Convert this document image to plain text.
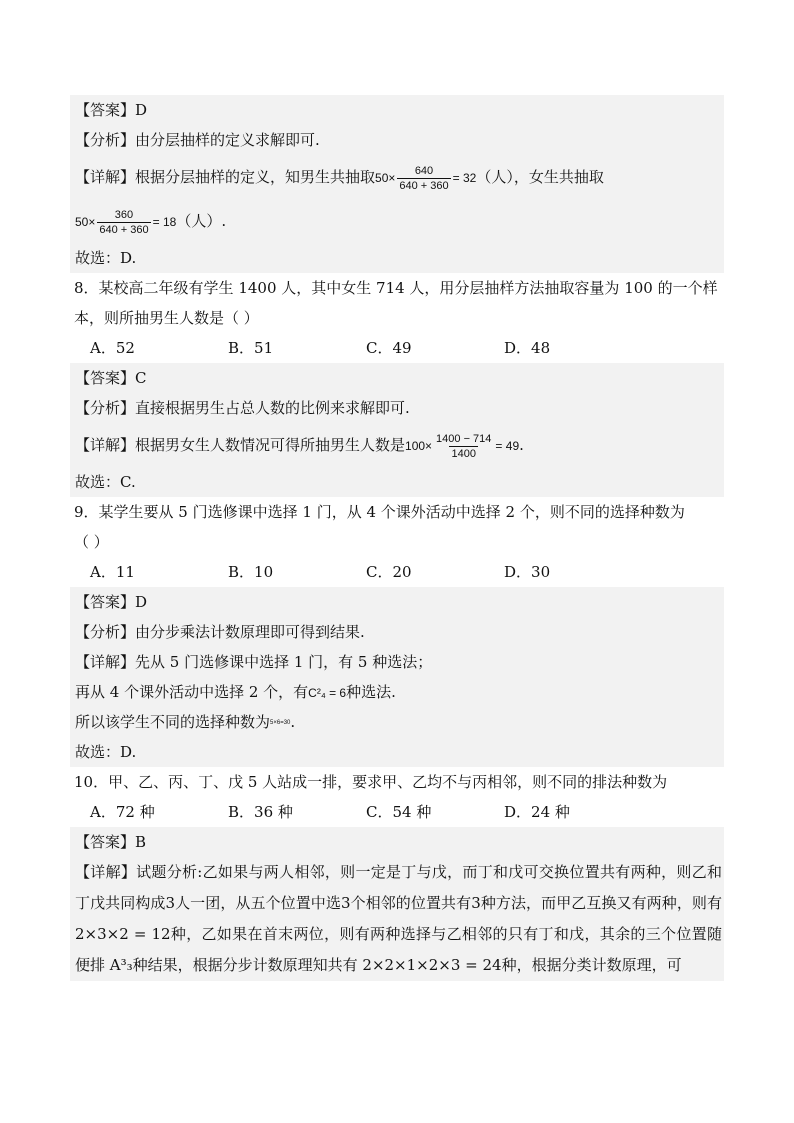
【答案】D
【分析】由分层抽样的定义求解即可.
【详解】根据分层抽样的定义，知男生共抽取$50\times \frac{640}{640 + 360} = 32$（人），女生共抽取
$50\times \frac{360}{640 + 360} = 18$（人）.
故选：D.
8．某校高二年级有学生 1400 人，其中女生 714 人，用分层抽样方法抽取容量为 100 的一个样
本，则所抽男生人数是（ ）
A．52	B．51	C．49	D．48
【答案】C
【分析】直接根据男生占总人数的比例来求解即可.
【详解】根据男女生人数情况可得所抽男生人数是$100\times \frac{1400 - 714}{1400} = 49$.
故选：C.
9．某学生要从 5 门选修课中选择 1 门，从 4 个课外活动中选择 2 个，则不同的选择种数为
（ ）
A．11	B．10	C．20	D．30
【答案】D
【分析】由分步乘法计数原理即可得到结果.
【详解】先从 5 门选修课中选择 1 门，有 5 种选法；
再从 4 个课外活动中选择 2 个，有C²₄ = 6种选法.
所以该学生不同的选择种数为5×6=30.
故选：D.
10．甲、乙、丙、丁、戊 5 人站成一排，要求甲、乙均不与丙相邻，则不同的排法种数为
A．72 种	B．36 种	C．54 种	D．24 种
【答案】B
【详解】试题分析:乙如果与两人相邻，则一定是丁与戊，而丁和戊可交换位置共有两种，则乙和丁戊共同构成3人一团，从五个位置中选3个相邻的位置共有3种方法，而甲乙互换又有两种，则有 2×3×2 = 12种，乙如果在首末两位，则有两种选择与乙相邻的只有丁和戊，其余的三个位置随便排 A³₃种结果，根据分步计数原理知共有 2×2×1×2×3 = 24种，根据分类计数原理，可
